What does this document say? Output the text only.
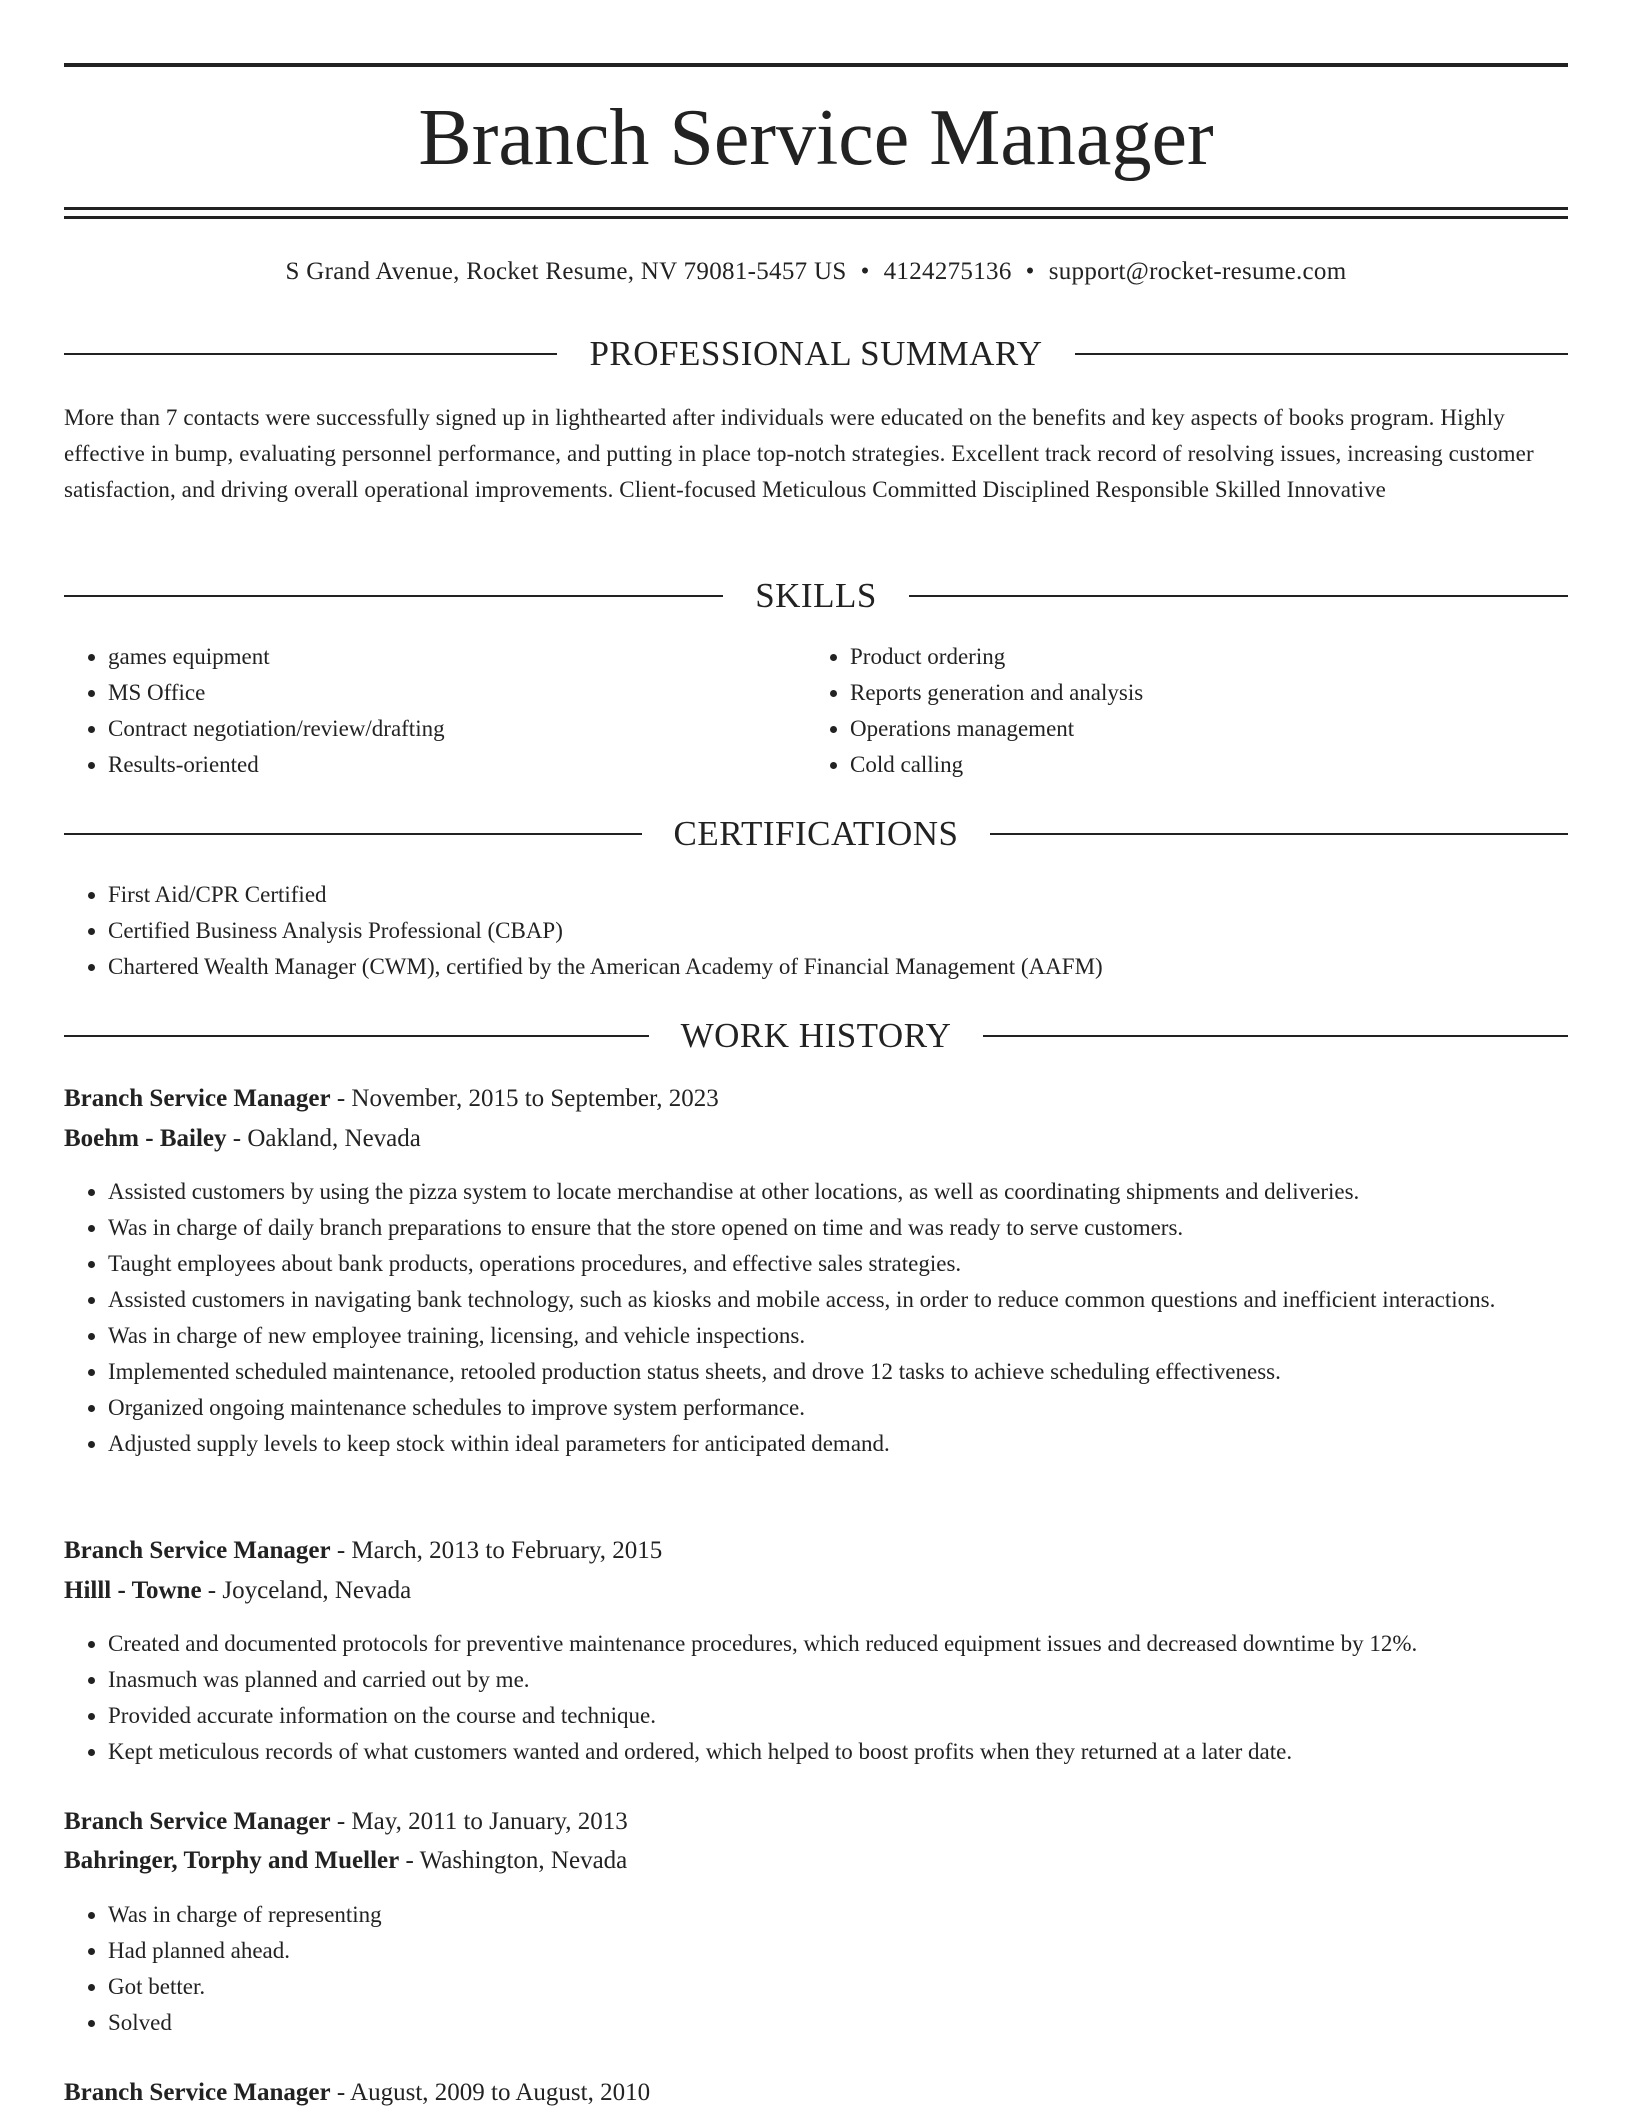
Branch Service Manager
S Grand Avenue, Rocket Resume, NV 79081-5457 US • 4124275136 • support@rocket-resume.com
PROFESSIONAL SUMMARY

More than 7 contacts were successfully signed up in lighthearted after individuals were educated on the benefits and key aspects of books program. Highly effective in bump, evaluating personnel performance, and putting in place top-notch strategies. Excellent track record of resolving issues, increasing customer satisfaction, and driving overall operational improvements. Client-focused Meticulous Committed Disciplined Responsible Skilled Innovative

SKILLS
• games equipment
• MS Office
• Contract negotiation/review/drafting
• Results-oriented
• Product ordering
• Reports generation and analysis
• Operations management
• Cold calling
CERTIFICATIONS
• First Aid/CPR Certified
• Certified Business Analysis Professional (CBAP)
• Chartered Wealth Manager (CWM), certified by the American Academy of Financial Management (AAFM)
WORK HISTORY
Branch Service Manager - November, 2015 to September, 2023
Boehm - Bailey - Oakland, Nevada
• Assisted customers by using the pizza system to locate merchandise at other locations, as well as coordinating shipments and deliveries.
• Was in charge of daily branch preparations to ensure that the store opened on time and was ready to serve customers.
• Taught employees about bank products, operations procedures, and effective sales strategies.
• Assisted customers in navigating bank technology, such as kiosks and mobile access, in order to reduce common questions and inefficient interactions.
• Was in charge of new employee training, licensing, and vehicle inspections.
• Implemented scheduled maintenance, retooled production status sheets, and drove 12 tasks to achieve scheduling effectiveness.
• Organized ongoing maintenance schedules to improve system performance.
• Adjusted supply levels to keep stock within ideal parameters for anticipated demand.
Branch Service Manager - March, 2013 to February, 2015
Hilll - Towne - Joyceland, Nevada
• Created and documented protocols for preventive maintenance procedures, which reduced equipment issues and decreased downtime by 12%.
• Inasmuch was planned and carried out by me.
• Provided accurate information on the course and technique.
• Kept meticulous records of what customers wanted and ordered, which helped to boost profits when they returned at a later date.
Branch Service Manager - May, 2011 to January, 2013
Bahringer, Torphy and Mueller - Washington, Nevada
• Was in charge of representing
• Had planned ahead.
• Got better.
• Solved
Branch Service Manager - August, 2009 to August, 2010
